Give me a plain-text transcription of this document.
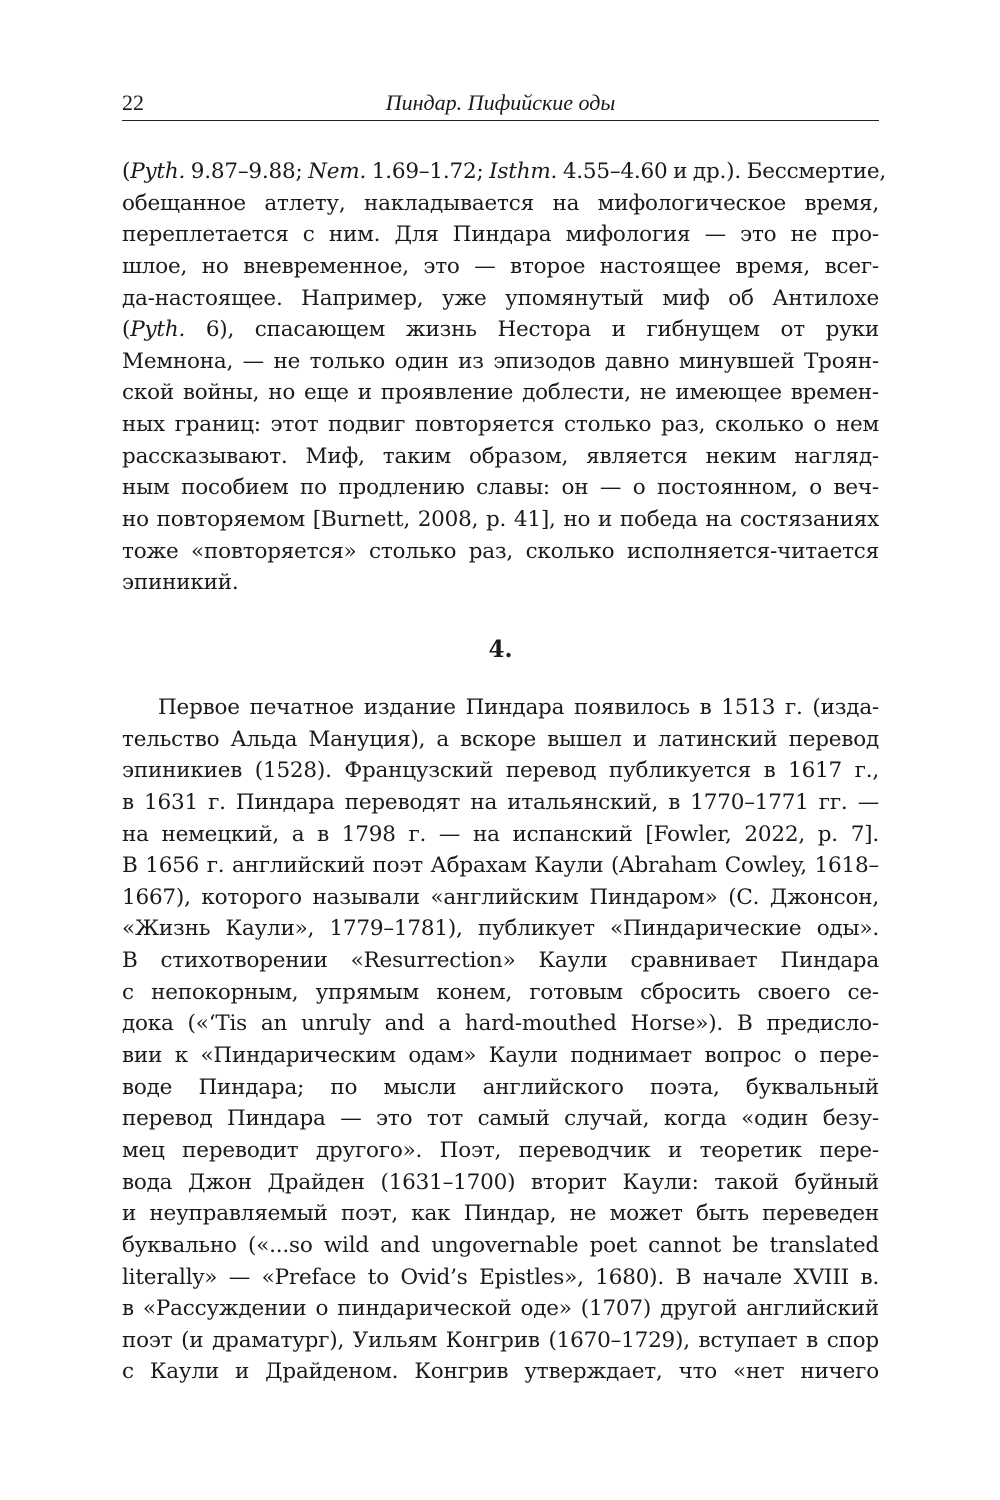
22	Пиндар. Пифийские оды
(Pyth. 9.87–9.88; Nem. 1.69–1.72; Isthm. 4.55–4.60 и др.). Бессмертие,
обещанное атлету, накладывается на мифологическое время,
переплетается с ним. Для Пиндара мифология — это не про-
шлое, но вневременное, это — второе настоящее время, всег-
да-настоящее. Например, уже упомянутый миф об Антилохе
(Pyth. 6), спасающем жизнь Нестора и гибнущем от руки
Мемнона, — не только один из эпизодов давно минувшей Троян-
ской войны, но еще и проявление доблести, не имеющее времен-
ных границ: этот подвиг повторяется столько раз, сколько о нем
рассказывают. Миф, таким образом, является неким нагляд-
ным пособием по продлению славы: он — о постоянном, о веч-
но повторяемом [Burnett, 2008, p. 41], но и победа на состязаниях
тоже «повторяется» столько раз, сколько исполняется-читается
эпиникий.
4.
Первое печатное издание Пиндара появилось в 1513 г. (изда-
тельство Альда Мануция), а вскоре вышел и латинский перевод
эпиникиев (1528). Французский перевод публикуется в 1617 г.,
в 1631 г. Пиндара переводят на итальянский, в 1770–1771 гг. —
на немецкий, а в 1798 г. — на испанский [Fowler, 2022, p. 7].
В 1656 г. английский поэт Абрахам Каули (Abraham Cowley, 1618–
1667), которого называли «английским Пиндаром» (С. Джонсон,
«Жизнь Каули», 1779–1781), публикует «Пиндарические оды».
В стихотворении «Resurrection» Каули сравнивает Пиндара
с непокорным, упрямым конем, готовым сбросить своего се-
дока («‘Tis an unruly and a hard-mouthed Horse»). В предисло-
вии к «Пиндарическим одам» Каули поднимает вопрос о пере-
воде Пиндара; по мысли английского поэта, буквальный
перевод Пиндара — это тот самый случай, когда «один безу-
мец переводит другого». Поэт, переводчик и теоретик перe-
вода Джон Драйден (1631–1700) вторит Каули: такой буйный
и неуправляемый поэт, как Пиндар, не может быть переведен
буквально («...so wild and ungovernable poet cannot be translated
literally» — «Preface to Ovid’s Epistles», 1680). В начале XVIII в.
в «Рассуждении о пиндарической оде» (1707) другой английский
поэт (и драматург), Уильям Конгрив (1670–1729), вступает в спор
с Каули и Драйденом. Конгрив утверждает, что «нет ничего
